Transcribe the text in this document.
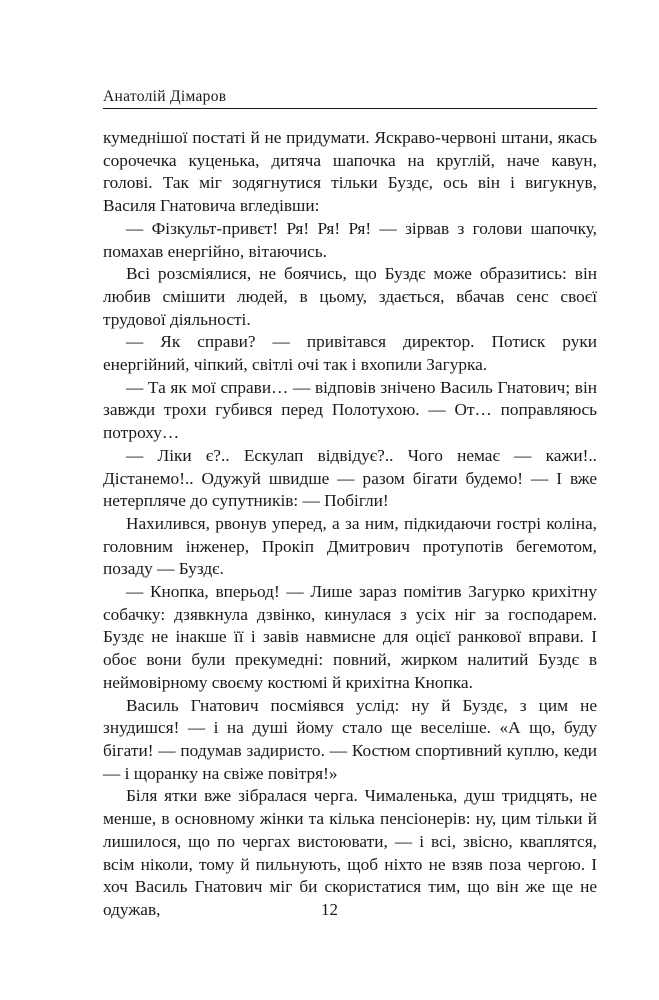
Анатолій Дімаров

кумеднішої постаті й не придумати. Яскраво-червоні штани, якась сорочечка куценька, дитяча шапочка на круглій, наче кавун, голові. Так міг зодягнутися тільки Буздє, ось він і вигукнув, Василя Гнатовича вгледівши:

— Фізкульт-привєт! Ря! Ря! Ря! — зірвав з голови шапочку, помахав енергійно, вітаючись.

Всі розсміялися, не боячись, що Буздє може образитись: він любив смішити людей, в цьому, здається, вбачав сенс своєї трудової діяльності.

— Як справи? — привітався директор. Потиск руки енергійний, чіпкий, світлі очі так і вхопили Загурка.

— Та як мої справи… — відповів знічено Василь Гнатович; він завжди трохи губився перед Полотухою. — От… поправляюсь потроху…

— Ліки є?.. Ескулап відвідує?.. Чого немає — кажи!.. Дістанемо!.. Одужуй швидше — разом бігати будемо! — І вже нетерпляче до супутників: — Побігли!

Нахилився, рвонув уперед, а за ним, підкидаючи гострі коліна, головним інженер, Прокіп Дмитрович протупотів бегемотом, позаду — Буздє.

— Кнопка, вперьод! — Лише зараз помітив Загурко крихітну собачку: дзявкнула дзвінко, кинулася з усіх ніг за господарем. Буздє не інакше її і завів навмисне для оцієї ранкової вправи. І обоє вони були прекумедні: повний, жирком налитий Буздє в неймовірному своєму костюмі й крихітна Кнопка.

Василь Гнатович посміявся услід: ну й Буздє, з цим не знудишся! — і на душі йому стало ще веселіше. «А що, буду бігати! — подумав задиристо. — Костюм спортивний куплю, кеди — і щоранку на свіже повітря!»

Біля ятки вже зібралася черга. Чималенька, душ тридцять, не менше, в основному жінки та кілька пенсіонерів: ну, цим тільки й лишилося, що по чергах вистоювати, — і всі, звісно, кваплятся, всім ніколи, тому й пильнують, щоб ніхто не взяв поза чергою. І хоч Василь Гнатович міг би скористатися тим, що він же ще не одужав,	12
